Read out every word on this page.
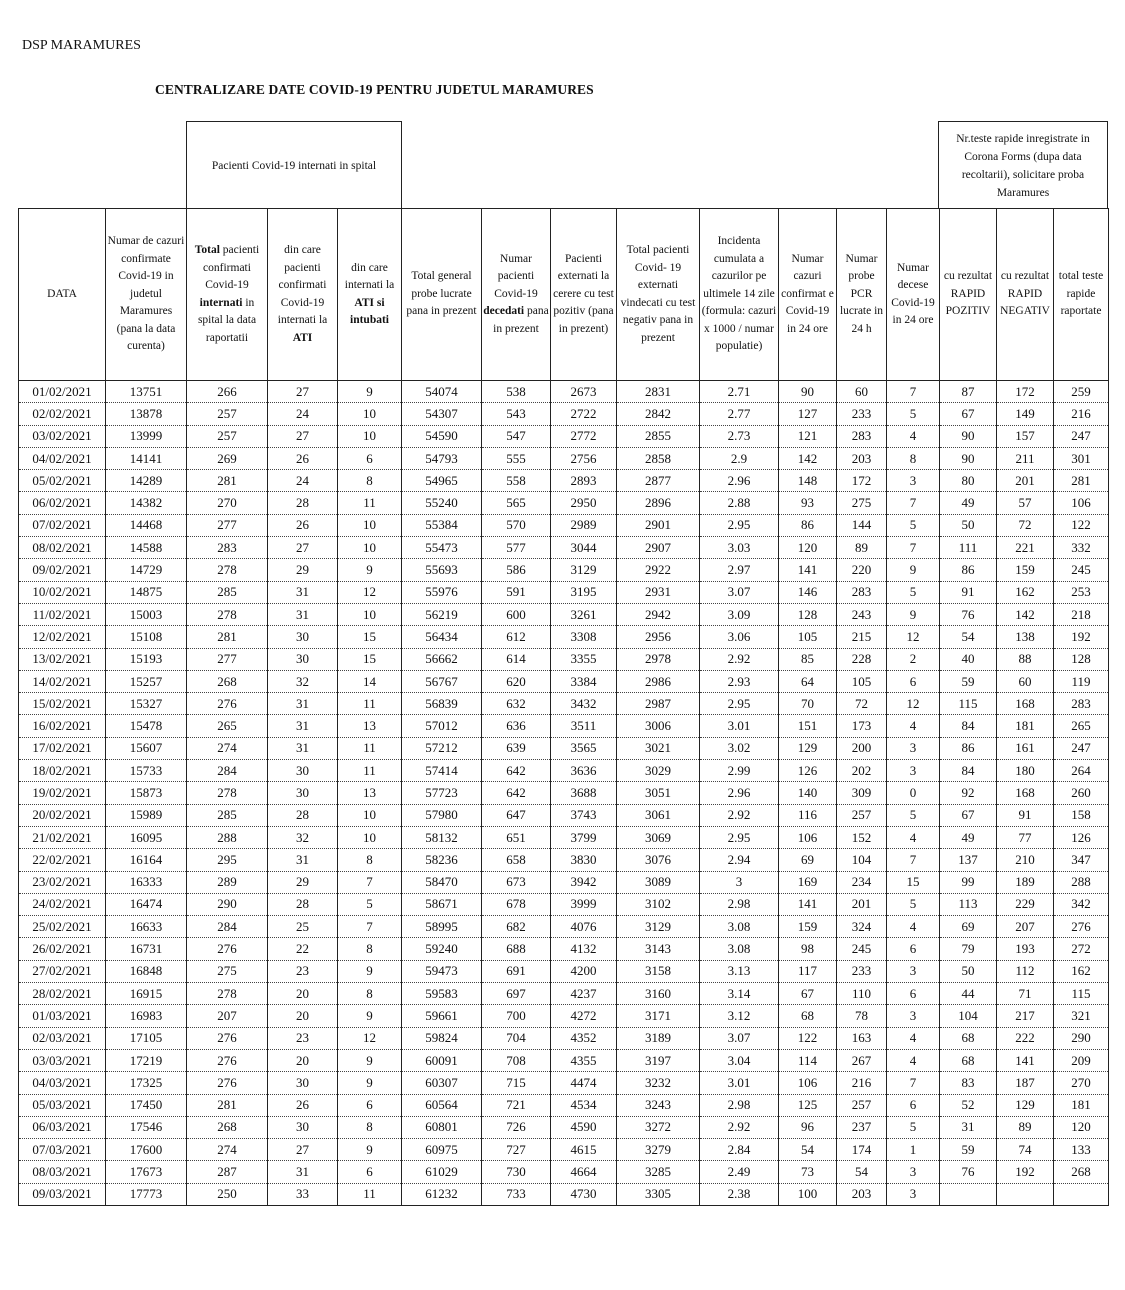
DSP MARAMURES
CENTRALIZARE DATE COVID-19 PENTRU JUDETUL MARAMURES
Pacienti Covid-19 internati in spital
Nr.teste rapide inregistrate in Corona Forms (dupa data recoltarii), solicitare proba Maramures
DATA	Numar de cazuri confirmate Covid-19 in judetul Maramures (pana la data curenta)	Total pacienti confirmati Covid-19 internati in spital la data raportatii	din care pacienti confirmati Covid-19 internati la ATI	din care internati la ATI si intubati	Total general probe lucrate pana in prezent	Numar pacienti Covid-19 decedati pana in prezent	Pacienti externati la cerere cu test pozitiv (pana in prezent)	Total pacienti Covid- 19 externati vindecati cu test negativ pana in prezent	Incidenta cumulata a cazurilor pe ultimele 14 zile (formula: cazuri x 1000 / numar populatie)	Numar cazuri confirmat e Covid-19 in 24 ore	Numar probe PCR lucrate in 24 h	Numar decese Covid-19 in 24 ore	cu rezultat RAPID POZITIV	cu rezultat RAPID NEGATIV	total teste rapide raportate
01/02/2021	13751	266	27	9	54074	538	2673	2831	2.71	90	60	7	87	172	259
02/02/2021	13878	257	24	10	54307	543	2722	2842	2.77	127	233	5	67	149	216
03/02/2021	13999	257	27	10	54590	547	2772	2855	2.73	121	283	4	90	157	247
04/02/2021	14141	269	26	6	54793	555	2756	2858	2.9	142	203	8	90	211	301
05/02/2021	14289	281	24	8	54965	558	2893	2877	2.96	148	172	3	80	201	281
06/02/2021	14382	270	28	11	55240	565	2950	2896	2.88	93	275	7	49	57	106
07/02/2021	14468	277	26	10	55384	570	2989	2901	2.95	86	144	5	50	72	122
08/02/2021	14588	283	27	10	55473	577	3044	2907	3.03	120	89	7	111	221	332
09/02/2021	14729	278	29	9	55693	586	3129	2922	2.97	141	220	9	86	159	245
10/02/2021	14875	285	31	12	55976	591	3195	2931	3.07	146	283	5	91	162	253
11/02/2021	15003	278	31	10	56219	600	3261	2942	3.09	128	243	9	76	142	218
12/02/2021	15108	281	30	15	56434	612	3308	2956	3.06	105	215	12	54	138	192
13/02/2021	15193	277	30	15	56662	614	3355	2978	2.92	85	228	2	40	88	128
14/02/2021	15257	268	32	14	56767	620	3384	2986	2.93	64	105	6	59	60	119
15/02/2021	15327	276	31	11	56839	632	3432	2987	2.95	70	72	12	115	168	283
16/02/2021	15478	265	31	13	57012	636	3511	3006	3.01	151	173	4	84	181	265
17/02/2021	15607	274	31	11	57212	639	3565	3021	3.02	129	200	3	86	161	247
18/02/2021	15733	284	30	11	57414	642	3636	3029	2.99	126	202	3	84	180	264
19/02/2021	15873	278	30	13	57723	642	3688	3051	2.96	140	309	0	92	168	260
20/02/2021	15989	285	28	10	57980	647	3743	3061	2.92	116	257	5	67	91	158
21/02/2021	16095	288	32	10	58132	651	3799	3069	2.95	106	152	4	49	77	126
22/02/2021	16164	295	31	8	58236	658	3830	3076	2.94	69	104	7	137	210	347
23/02/2021	16333	289	29	7	58470	673	3942	3089	3	169	234	15	99	189	288
24/02/2021	16474	290	28	5	58671	678	3999	3102	2.98	141	201	5	113	229	342
25/02/2021	16633	284	25	7	58995	682	4076	3129	3.08	159	324	4	69	207	276
26/02/2021	16731	276	22	8	59240	688	4132	3143	3.08	98	245	6	79	193	272
27/02/2021	16848	275	23	9	59473	691	4200	3158	3.13	117	233	3	50	112	162
28/02/2021	16915	278	20	8	59583	697	4237	3160	3.14	67	110	6	44	71	115
01/03/2021	16983	207	20	9	59661	700	4272	3171	3.12	68	78	3	104	217	321
02/03/2021	17105	276	23	12	59824	704	4352	3189	3.07	122	163	4	68	222	290
03/03/2021	17219	276	20	9	60091	708	4355	3197	3.04	114	267	4	68	141	209
04/03/2021	17325	276	30	9	60307	715	4474	3232	3.01	106	216	7	83	187	270
05/03/2021	17450	281	26	6	60564	721	4534	3243	2.98	125	257	6	52	129	181
06/03/2021	17546	268	30	8	60801	726	4590	3272	2.92	96	237	5	31	89	120
07/03/2021	17600	274	27	9	60975	727	4615	3279	2.84	54	174	1	59	74	133
08/03/2021	17673	287	31	6	61029	730	4664	3285	2.49	73	54	3	76	192	268
09/03/2021	17773	250	33	11	61232	733	4730	3305	2.38	100	203	3			
